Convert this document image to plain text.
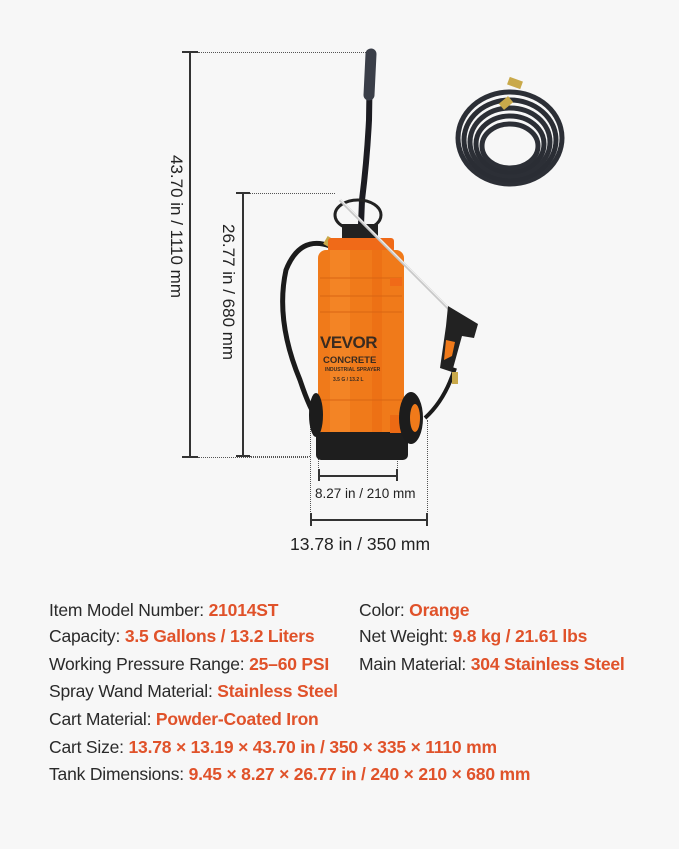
43.70 in / 1110 mm 26.77 in / 680 mm
8.27 in / 210 mm
13.78 in / 350 mm
VEVOR
CONCRETE
INDUSTRIAL SPRAYER
3.5 G / 13.2 L
Item Model Number: 21014ST	Color: Orange
Capacity: 3.5 Gallons / 13.2 Liters	Net Weight: 9.8 kg / 21.61 lbs
Working Pressure Range: 25–60 PSI Main Material: 304 Stainless Steel
Spray Wand Material: Stainless Steel
Cart Material: Powder-Coated Iron
Cart Size: 13.78 × 13.19 × 43.70 in / 350 × 335 × 1110 mm
Tank Dimensions: 9.45 × 8.27 × 26.77 in / 240 × 210 × 680 mm
